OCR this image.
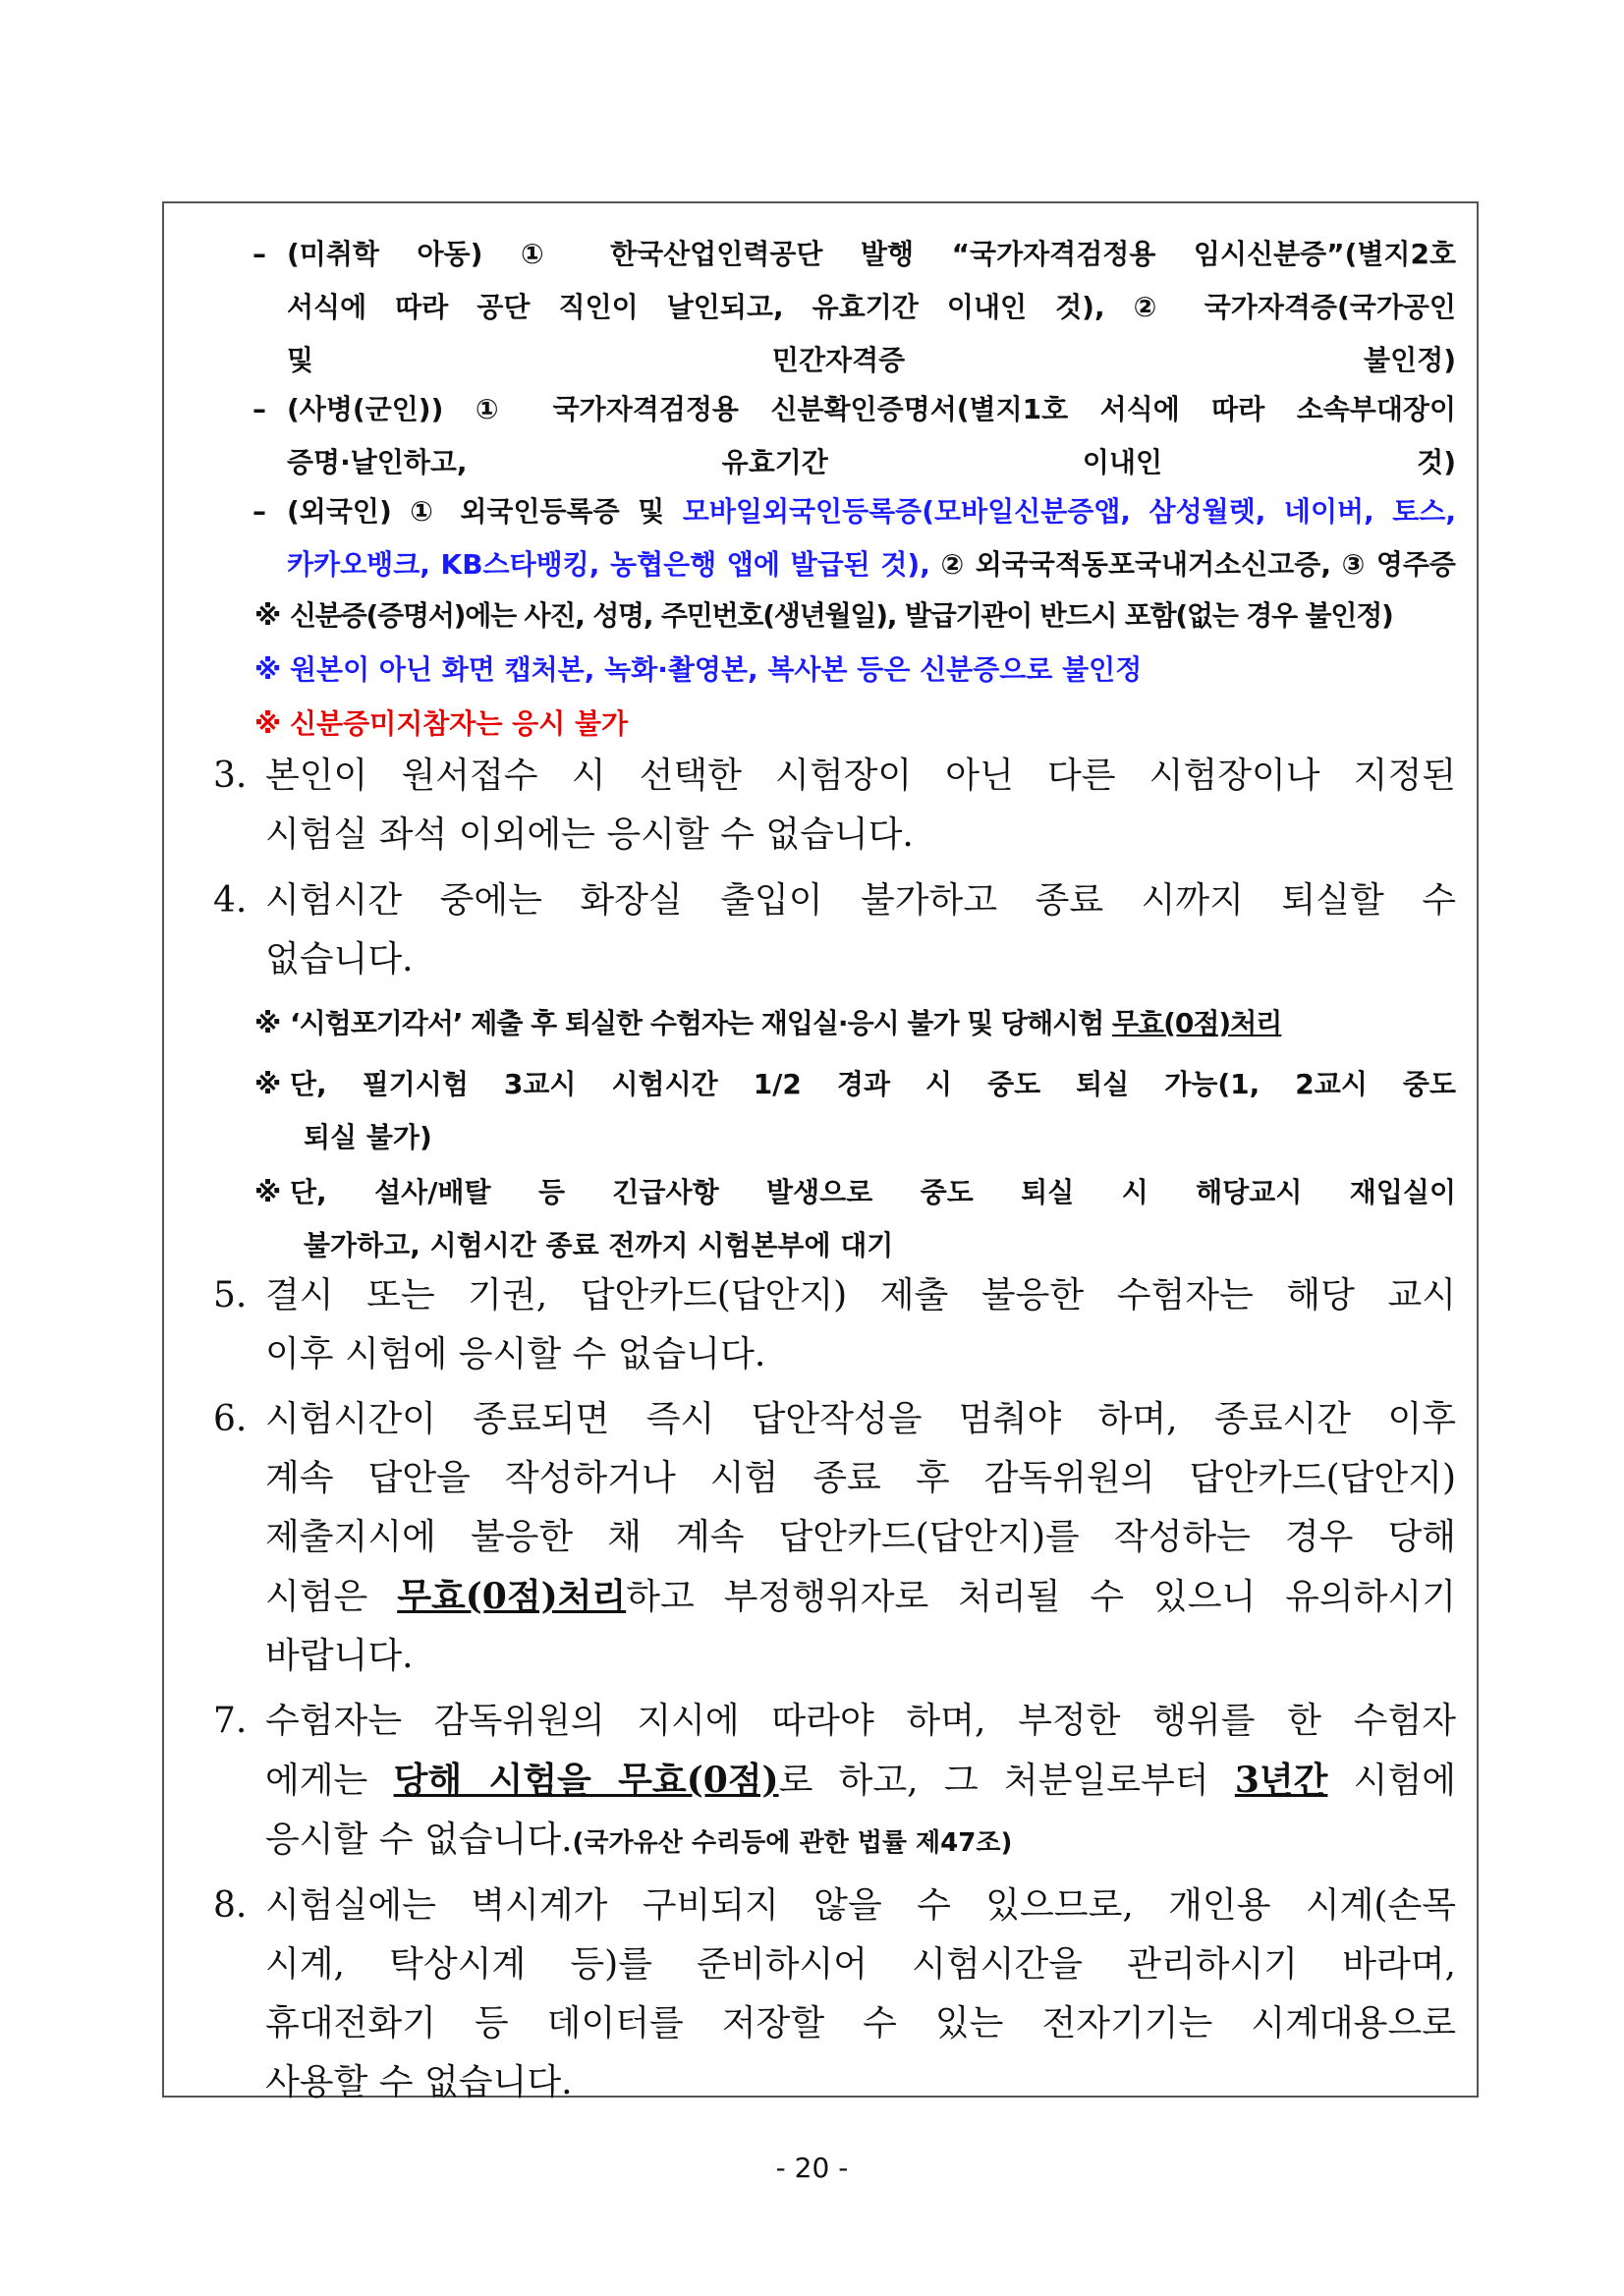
– (미취학 아동) ① 한국산업인력공단 발행 “국가자격검정용 임시신분증”(별지2호
서식에 따라 공단 직인이 날인되고, 유효기간 이내인 것), ② 국가자격증(국가공인
및 민간자격증 불인정)
– (사병(군인)) ① 국가자격검정용 신분확인증명서(별지1호 서식에 따라 소속부대장이
증명·날인하고, 유효기간 이내인 것)
– (외국인) ① 외국인등록증 및 모바일외국인등록증(모바일신분증앱, 삼성월렛, 네이버, 토스,
카카오뱅크, KB스타뱅킹, 농협은행 앱에 발급된 것), ② 외국국적동포국내거소신고증, ③ 영주증
※ 신분증(증명서)에는 사진, 성명, 주민번호(생년월일), 발급기관이 반드시 포함(없는 경우 불인정)
※ 원본이 아닌 화면 캡처본, 녹화·촬영본, 복사본 등은 신분증으로 불인정
※ 신분증미지참자는 응시 불가
3. 본인이 원서접수 시 선택한 시험장이 아닌 다른 시험장이나 지정된
시험실 좌석 이외에는 응시할 수 없습니다.
4. 시험시간 중에는 화장실 출입이 불가하고 종료 시까지 퇴실할 수
없습니다.
※ ‘시험포기각서’ 제출 후 퇴실한 수험자는 재입실·응시 불가 및 당해시험 무효(0점)처리
※ 단, 필기시험 3교시 시험시간 1/2 경과 시 중도 퇴실 가능(1, 2교시 중도
퇴실 불가)
※ 단, 설사/배탈 등 긴급사항 발생으로 중도 퇴실 시 해당교시 재입실이
불가하고, 시험시간 종료 전까지 시험본부에 대기
5. 결시 또는 기권, 답안카드(답안지) 제출 불응한 수험자는 해당 교시
이후 시험에 응시할 수 없습니다.
6. 시험시간이 종료되면 즉시 답안작성을 멈춰야 하며, 종료시간 이후
계속 답안을 작성하거나 시험 종료 후 감독위원의 답안카드(답안지)
제출지시에 불응한 채 계속 답안카드(답안지)를 작성하는 경우 당해
시험은 무효(0점)처리하고 부정행위자로 처리될 수 있으니 유의하시기
바랍니다.
7. 수험자는 감독위원의 지시에 따라야 하며, 부정한 행위를 한 수험자
에게는 당해 시험을 무효(0점)로 하고, 그 처분일로부터 3년간 시험에
응시할 수 없습니다.(국가유산 수리등에 관한 법률 제47조)
8. 시험실에는 벽시계가 구비되지 않을 수 있으므로, 개인용 시계(손목
시계, 탁상시계 등)를 준비하시어 시험시간을 관리하시기 바라며,
휴대전화기 등 데이터를 저장할 수 있는 전자기기는 시계대용으로
사용할 수 없습니다.
- 20 -
